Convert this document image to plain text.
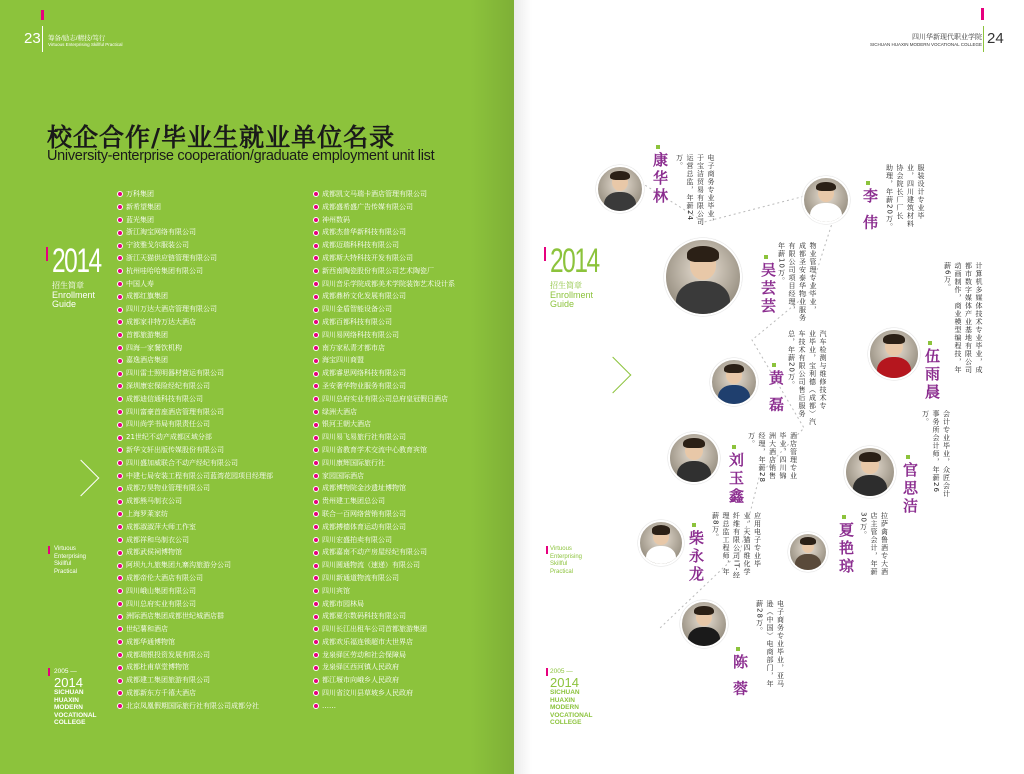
23 筹备/励志/精技/笃行
Virtuous Enterprising Skillful Practical
校企合作/毕业生就业单位名录
University-enterprise cooperation/graduate employment unit list
2014
招生简章
Enrollment
Guide
Virtuous
Enterprising
Skillful
Practical
2005 —
2014
SICHUAN
HUAXIN
MODERN
VOCATIONAL
COLLEGE
万科集团
新希望集团
蓝光集团
浙江淘宝网络有限公司
宁波雅戈尔服装公司
浙江天猫供应链管理有限公司
杭州哇哈哈集团有限公司
中国人寿
成都红旗集团
四川万达大酒店管理有限公司
成都家非特万达大酒店
首都旅游集团
四海一家餐饮机构
嘉逸酒店集团
四川雷士照明器材营运有限公司
深圳康宏保险经纪有限公司
成都迪信通科技有限公司
四川富豪首座酒店管理有限公司
四川尚学书局有限责任公司
21世纪不动产成都区域分部
新华文轩出版传媒股份有限公司
四川盛加威联合不动产经纪有限公司
中建七局安装工程有限公司蓝湾花园项目经理部
成都万昊物业管理有限公司
成都熊马制衣公司
上海罗莱家纺
成都淑淑萍大师工作室
成都祥和乌制衣公司
成都武侯祠博物馆
阿坝九九旅集团九寨沟旅游分公司
成都帝伦大酒店有限公司
四川峨山集团有限公司
四川总府实业有限公司
洲际酒店集团成都世纪城酒店群
世纪薯和酒店
成都华通博物馆
成都瑞银投资发展有限公司
成都杜甫草堂博物馆
成都建工集团旅游有限公司
成都新东方千禧大酒店
北京凤凰假期国际旅行社有限公司成都分社
成都凯文马瑞卡酒店管理有限公司
成都盛希盛广告传媒有限公司
神州数码
成都杰普华新科技有限公司
成都迈瑞科科技有限公司
成都斯大特科技开发有限公司
新西南陶瓷股份有限公司艺术陶瓷厂
四川音乐学院成都美术学院装饰艺术设计系
成都鼎桥文化发展有限公司
四川金盾智能设备公司
成都百都科技有限公司
四川易网络科技有限公司
南方家私青才都市店
海宝四川商盟
成都睿思网络科技有限公司
圣安奢华物业服务有限公司
四川总府实业有限公司总府皇冠假日酒店
绿洲大酒店
银河王朝大酒店
四川易飞易旅行社有限公司
四川省教育学术交流中心教育宾馆
四川康辉国际旅行社
家园国际酒店
成都博物院金沙遗址博物馆
贵州建工集团总公司
联合一百网络营销有限公司
成都搏德体育运动有限公司
四川宏盛拍卖有限公司
成都嘉南不动产房屋经纪有限公司
四川圆通物流（速递）有限公司
四川新通道物流有限公司
四川宾馆
成都市园林局
成都夏尔数码科技有限公司
四川长江出租车公司首都旅游集团
成都欢乐福连锁超市大世界店
龙泉驿区劳动和社会保障局
龙泉驿区西河镇人民政府
都江堰市向峨乡人民政府
四川省汶川县草坡乡人民政府
……
四川华新现代职业学院
SICHUAN HUAXIN MODERN VOCATIONAL COLLEGE 24
2014
招生简章
Enrollment
Guide
Virtuous
Enterprising
Skillful
Practical
2005 —
2014
SICHUAN
HUAXIN
MODERN
VOCATIONAL
COLLEGE
康华林	电子商务专业毕业，
于宝洁贸易有限公司
运营总监，年薪24
万。
吴芸芸	物业管理专业毕业，
成都圣安泰华物业服务
有限公司项目经理，
年薪10万。
李 伟	服装设计专业毕
业，四川建筑材料
协会院长厂厂长
助理，年薪20万。
黄 磊	汽车检测与维修技术专
业毕业，宝利德（成都）汽
车技术有限公司售后服务
总，年薪20万。	伍雨晨
计算机多媒体技术专业毕业，成
都市数字媒体产业基地有限公司
动画制作，商业模型编程技，年
薪6万。
刘玉鑫	酒店管理专业
毕业，四川锦
洲大酒店销售
经理，年薪28
万。
官思洁	会计专业毕业，众匠会计
事务所会计师，年薪26
万。
柴永龙	应用电子专业毕
业，天猫四维化学
纤维有限公司IT-经
理总监工程师，年
薪8万。	夏艳琼	拉萨禽鲁酒专大酒
店主管会计，年薪
30万。
陈 蓉	电子商务专业毕业，亚马
逊（中国）电商部门，年
薪28万。
